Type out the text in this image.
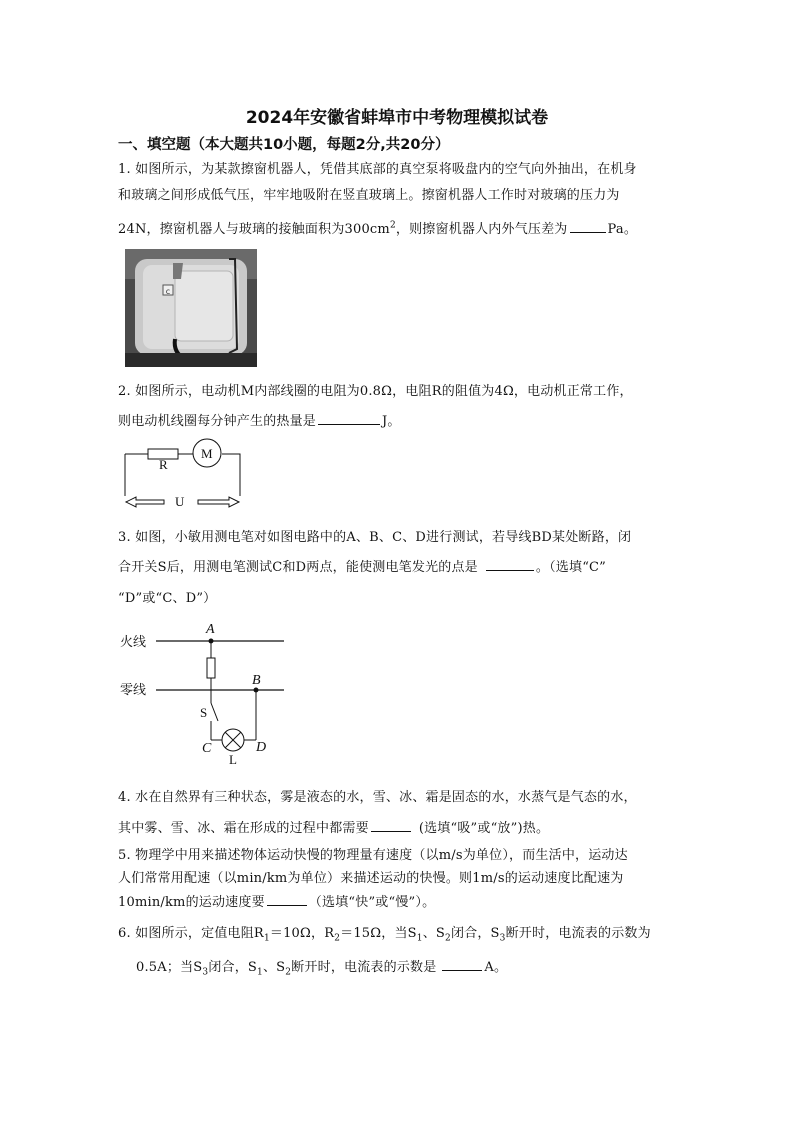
2024年安徽省蚌埠市中考物理模拟试卷
一、填空题（本大题共10小题，每题2分,共20分）
1. 如图所示，为某款擦窗机器人，凭借其底部的真空泵将吸盘内的空气向外抽出，在机身
和玻璃之间形成低气压，牢牢地吸附在竖直玻璃上。擦窗机器人工作时对玻璃的压力为
24N，擦窗机器人与玻璃的接触面积为$300cm^2$，则擦窗机器人内外气压差为	Pa。
c
2. 如图所示，电动机M内部线圈的电阻为0.8Ω，电阻R的阻值为4Ω，电动机正常工作，
则电动机线圈每分钟产生的热量是	J。
R
M
U
3. 如图，小敏用测电笔对如图电路中的A、B、C、D进行测试，若导线BD某处断路，闭
合开关S后，用测电笔测试C和D两点，能使测电笔发光的点是	。（选填“C”
“D”或“C、D”）
火线
零线
A
S
L
B
C	D
4. 水在自然界有三种状态，雾是液态的水，雪、冰、霜是固态的水，水蒸气是气态的水，
其中雾、雪、冰、霜在形成的过程中都需要	(选填“吸”或“放”)热。
5. 物理学中用来描述物体运动快慢的物理量有速度（以m/s为单位），而生活中，运动达
人们常常用配速（以min/km为单位）来描述运动的快慢。则1m/s的运动速度比配速为
10min/km的运动速度要	（选填“快”或“慢”）。
6. 如图所示，定值电阻$R_1=10\Omega$，$R_2=15\Omega$，当$S_1$、$S_2$闭合，$S_3$断开时，电流表的示数为
0.5A；当$S_3$闭合，$S_1$、$S_2$断开时，电流表的示数是	A。
